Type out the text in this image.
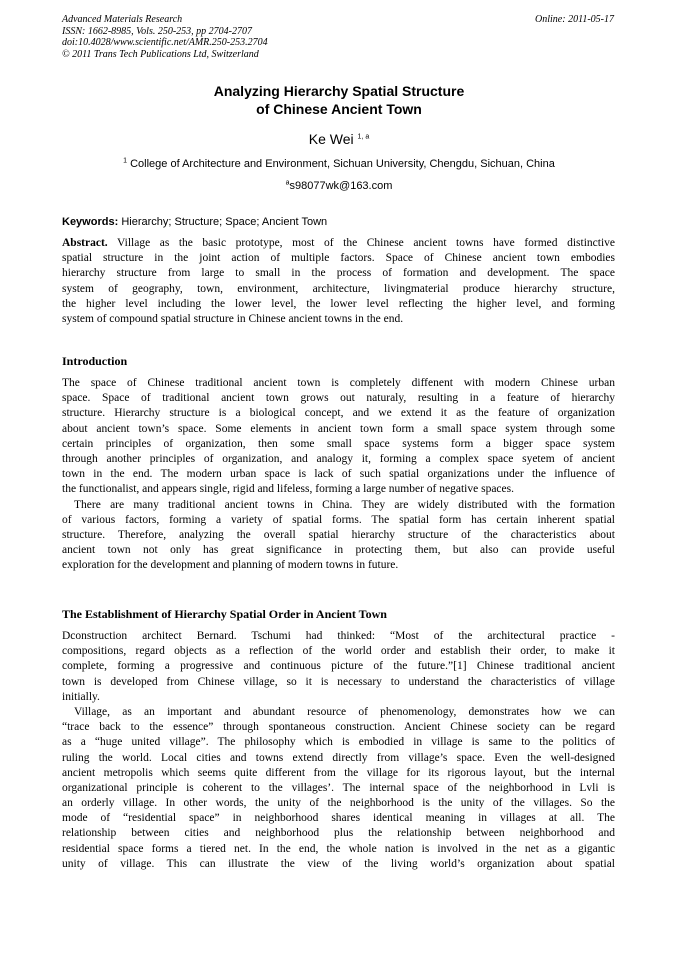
Advanced Materials Research
ISSN: 1662-8985, Vols. 250-253, pp 2704-2707
doi:10.4028/www.scientific.net/AMR.250-253.2704
© 2011 Trans Tech Publications Ltd, Switzerland
Online: 2011-05-17
Analyzing Hierarchy Spatial Structure
of Chinese Ancient Town
Ke Wei $^{1, a}$
$^1$ College of Architecture and Environment, Sichuan University, Chengdu, Sichuan, China
$^a$s98077wk@163.com
Keywords: Hierarchy; Structure; Space; Ancient Town
Abstract. Village as the basic prototype, most of the Chinese ancient towns have formed distinctive
spatial structure in the joint action of multiple factors. Space of Chinese ancient town embodies
hierarchy structure from large to small in the process of formation and development. The space
system of geography, town, environment, architecture, livingmaterial produce hierarchy structure,
the higher level including the lower level, the lower level reflecting the higher level, and forming
system of compound spatial structure in Chinese ancient towns in the end.
Introduction
The space of Chinese traditional ancient town is completely diffenent with modern Chinese urban
space. Space of traditional ancient town grows out naturaly, resulting in a feature of hierarchy
structure. Hierarchy structure is a biological concept, and we extend it as the feature of organization
about ancient town’s space. Some elements in ancient town form a small space system through some
certain principles of organization, then some small space systems form a bigger space system
through another principles of organization, and analogy it, forming a complex space syetem of ancient
town in the end. The modern urban space is lack of such spatial organizations under the influence of
the functionalist, and appears single, rigid and lifeless, forming a large number of negative spaces.
There are many traditional ancient towns in China. They are widely distributed with the formation
of various factors, forming a variety of spatial forms. The spatial form has certain inherent spatial
structure. Therefore, analyzing the overall spatial hierarchy structure of the characteristics about
ancient town not only has great significance in protecting them, but also can provide useful
exploration for the development and planning of modern towns in future.
The Establishment of Hierarchy Spatial Order in Ancient Town
Dconstruction architect Bernard. Tschumi had thinked: “Most of the architectural practice -
compositions, regard objects as a reflection of the world order and establish their order, to make it
complete, forming a progressive and continuous picture of the future.”[1] Chinese traditional ancient
town is developed from Chinese village, so it is necessary to understand the characteristics of village
initially.
Village, as an important and abundant resource of phenomenology, demonstrates how we can
“trace back to the essence” through spontaneous construction. Ancient Chinese society can be regard
as a “huge united village”. The philosophy which is embodied in village is same to the politics of
ruling the world. Local cities and towns extend directly from village’s space. Even the well-designed
ancient metropolis which seems quite different from the village for its rigorous layout, but the internal
organizational principle is coherent to the villages’. The internal space of the neighborhood in Lvli is
an orderly village. In other words, the unity of the neighborhood is the unity of the villages. So the
mode of “residential space” in neighborhood shares identical meaning in villages at all. The
relationship between cities and neighborhood plus the relationship between neighborhood and
residential space forms a tiered net. In the end, the whole nation is involved in the net as a gigantic
unity of village. This can illustrate the view of the living world’s organization about spatial
